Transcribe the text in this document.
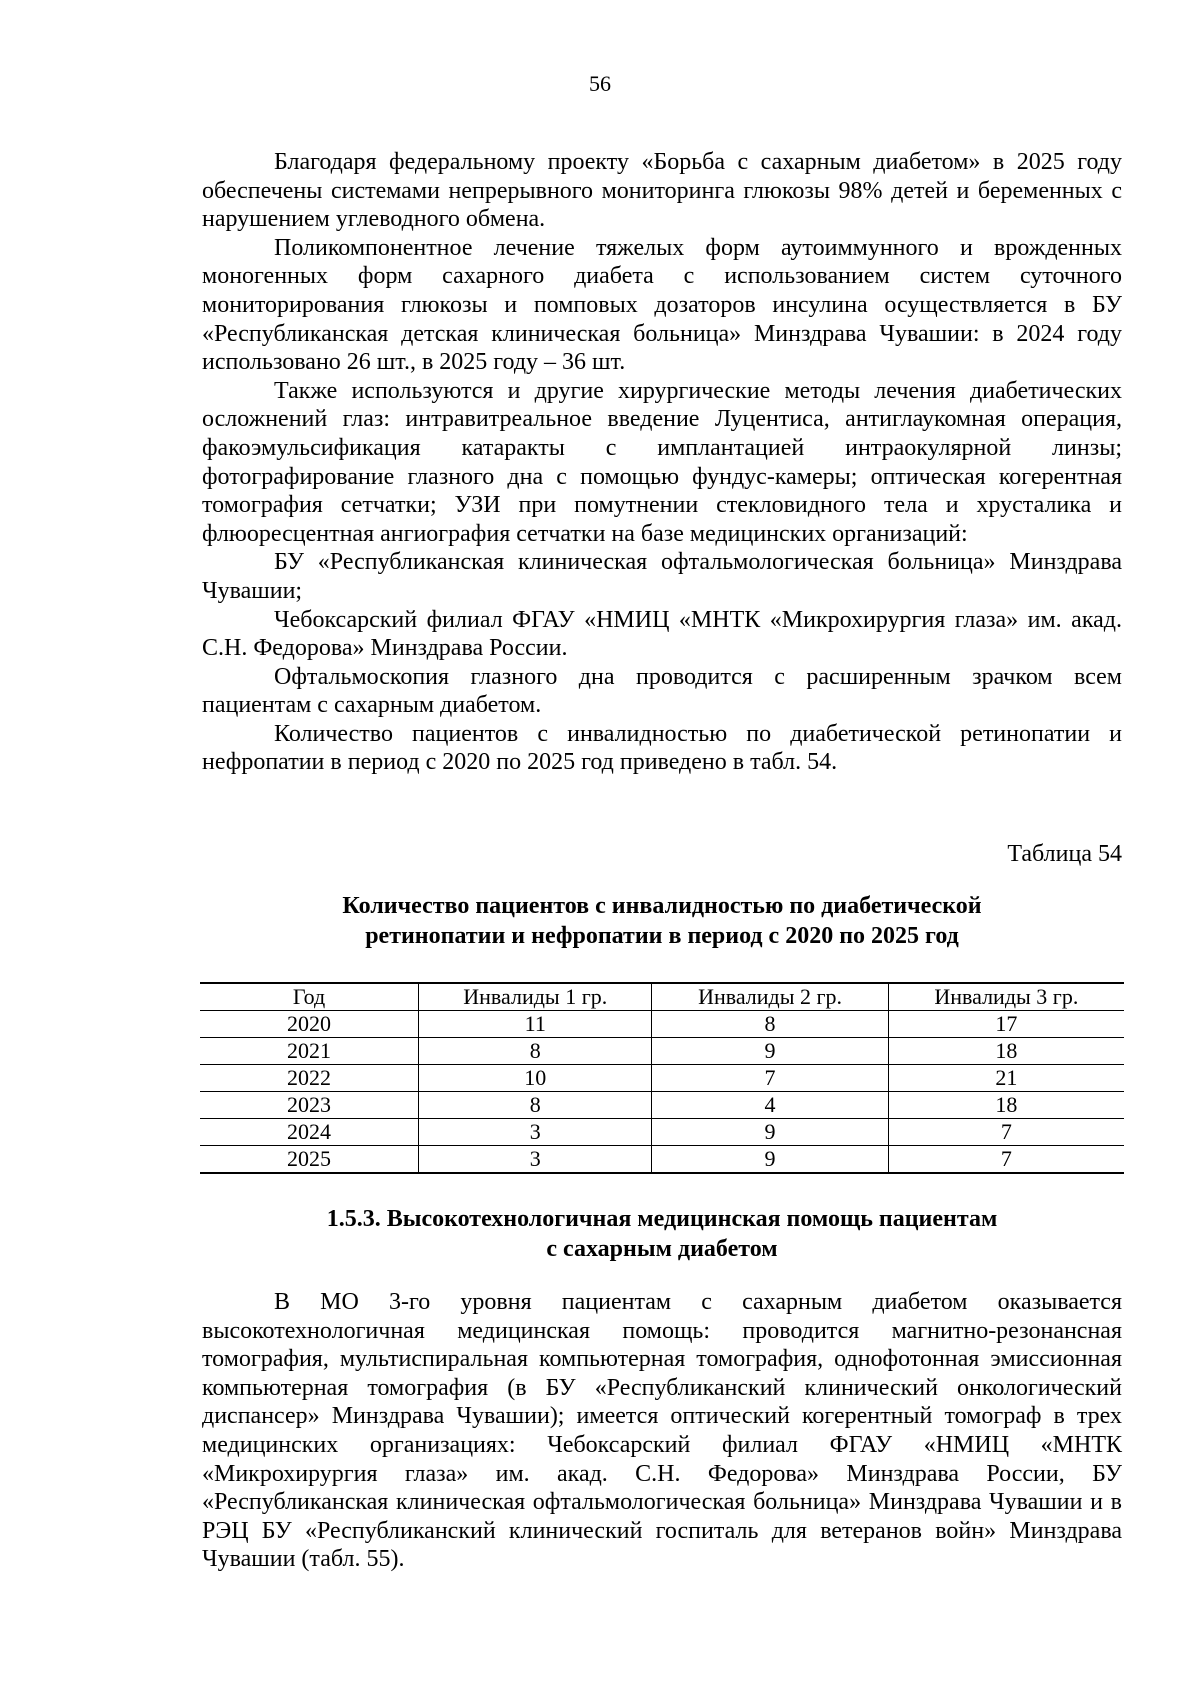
56

Благодаря федеральному проекту «Борьба с сахарным диабетом» в 2025 году обеспечены системами непрерывного мониторинга глюкозы 98% детей и беременных с нарушением углеводного обмена.

Поликомпонентное лечение тяжелых форм аутоиммунного и врожденных моногенных форм сахарного диабета с использованием систем суточного мониторирования глюкозы и помповых дозаторов инсулина осуществляется в БУ «Республиканская детская клиническая больница» Минздрава Чувашии: в 2024 году использовано 26 шт., в 2025 году – 36 шт.

Также используются и другие хирургические методы лечения диабетических осложнений глаз: интравитреальное введение Луцентиса, антиглаукомная операция, факоэмульсификация катаракты с имплантацией интраокулярной линзы; фотографирование глазного дна с помощью фундус-камеры; оптическая когерентная томография сетчатки; УЗИ при помутнении стекловидного тела и хрусталика и флюоресцентная ангиография сетчатки на базе медицинских организаций:

БУ «Республиканская клиническая офтальмологическая больница» Минздрава Чувашии;

Чебоксарский филиал ФГАУ «НМИЦ «МНТК «Микрохирургия глаза» им. акад. С.Н. Федорова» Минздрава России.

Офтальмоскопия глазного дна проводится с расширенным зрачком всем пациентам с сахарным диабетом.

Количество пациентов с инвалидностью по диабетической ретинопатии и нефропатии в период с 2020 по 2025 год приведено в табл. 54.

Таблица 54
Количество пациентов с инвалидностью по диабетической
ретинопатии и нефропатии в период с 2020 по 2025 год
Год	Инвалиды 1 гр.	Инвалиды 2 гр.	Инвалиды 3 гр.
2020	11	8	17
2021	8	9	18
2022	10	7	21
2023	8	4	18
2024	3	9	7
2025	3	9	7
1.5.3. Высокотехнологичная медицинская помощь пациентам
с сахарным диабетом

В МО 3-го уровня пациентам с сахарным диабетом оказывается высокотехнологичная медицинская помощь: проводится магнитно-резонансная томография, мультиспиральная компьютерная томография, однофотонная эмиссионная компьютерная томография (в БУ «Республиканский клинический онкологический диспансер» Минздрава Чувашии); имеется оптический когерентный томограф в трех медицинских организациях: Чебоксарский филиал ФГАУ «НМИЦ «МНТК «Микрохирургия глаза» им. акад. С.Н. Федорова» Минздрава России, БУ «Республиканская клиническая офтальмологическая больница» Минздрава Чувашии и в РЭЦ БУ «Республиканский клинический госпиталь для ветеранов войн» Минздрава Чувашии (табл. 55).
